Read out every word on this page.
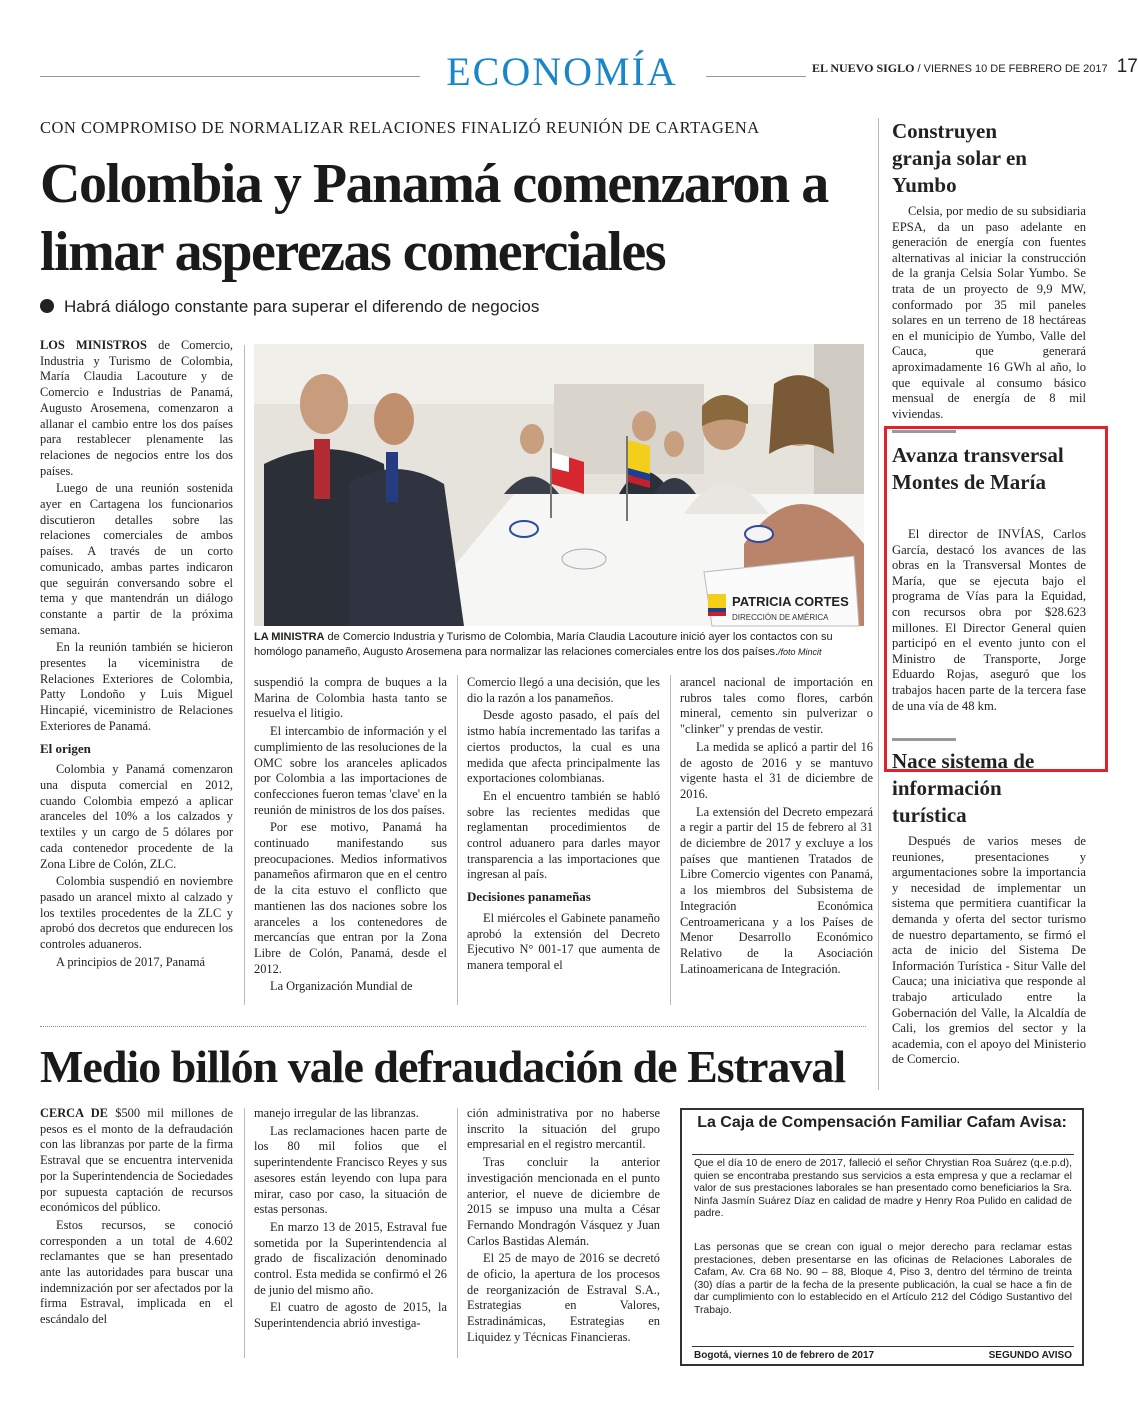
ECONOMÍA	EL NUEVO SIGLO / VIERNES 10 DE FEBRERO DE 2017 17
CON COMPROMISO DE NORMALIZAR RELACIONES FINALIZÓ REUNIÓN DE CARTAGENA
Colombia y Panamá comenzaron a limar asperezas comerciales
Habrá diálogo constante para superar el diferendo de negocios

LOS MINISTROS de Comercio, Industria y Turismo de Colombia, María Claudia Lacouture y de Comercio e Industrias de Panamá, Augusto Arosemena, comenzaron a allanar el cambio entre los dos países para restablecer plenamente las relaciones de negocios entre los dos países.

Luego de una reunión sostenida ayer en Cartagena los funcionarios discutieron detalles sobre las relaciones comerciales de ambos países. A través de un corto comunicado, ambas partes indicaron que seguirán conversando sobre el tema y que mantendrán un diálogo constante a partir de la próxima semana.

En la reunión también se hicieron presentes la viceministra de Relaciones Exteriores de Colombia, Patty Londoño y Luis Miguel Hincapié, viceministro de Relaciones Exteriores de Panamá.

El origen

Colombia y Panamá comenzaron una disputa comercial en 2012, cuando Colombia empezó a aplicar aranceles del 10% a los calzados y textiles y un cargo de 5 dólares por cada contenedor procedente de la Zona Libre de Colón, ZLC.

Colombia suspendió en noviembre pasado un arancel mixto al calzado y los textiles procedentes de la ZLC y aprobó dos decretos que endurecen los controles aduaneros.

A principios de 2017, Panamá

PATRICIA CORTES
DIRECCIÓN DE AMÉRICA
LA MINISTRA de Comercio Industria y Turismo de Colombia, María Claudia Lacouture inició ayer los contactos con su homólogo panameño, Augusto Arosemena para normalizar las relaciones comerciales entre los dos países./foto Mincit

suspendió la compra de buques a la Marina de Colombia hasta tanto se resuelva el litigio.

El intercambio de información y el cumplimiento de las resoluciones de la OMC sobre los aranceles aplicados por Colombia a las importaciones de confecciones fueron temas 'clave' en la reunión de ministros de los dos países.

Por ese motivo, Panamá ha continuado manifestando sus preocupaciones. Medios informativos panameños afirmaron que en el centro de la cita estuvo el conflicto que mantienen las dos naciones sobre los aranceles a los contenedores de mercancías que entran por la Zona Libre de Colón, Panamá, desde el 2012.

La Organización Mundial de

Comercio llegó a una decisión, que les dio la razón a los panameños.

Desde agosto pasado, el país del istmo había incrementado las tarifas a ciertos productos, la cual es una medida que afecta principalmente las exportaciones colombianas.

En el encuentro también se habló sobre las recientes medidas que reglamentan procedimientos de control aduanero para darles mayor transparencia a las importaciones que ingresan al país.

Decisiones panameñas

El miércoles el Gabinete panameño aprobó la extensión del Decreto Ejecutivo N° 001-17 que aumenta de manera temporal el

arancel nacional de importación en rubros tales como flores, carbón mineral, cemento sin pulverizar o "clinker" y prendas de vestir.

La medida se aplicó a partir del 16 de agosto de 2016 y se mantuvo vigente hasta el 31 de diciembre de 2016.

La extensión del Decreto empezará a regir a partir del 15 de febrero al 31 de diciembre de 2017 y excluye a los países que mantienen Tratados de Libre Comercio vigentes con Panamá, a los miembros del Subsistema de Integración Económica Centroamericana y a los Países de Menor Desarrollo Económico Relativo de la Asociación Latinoamericana de Integración.

Medio billón vale defraudación de Estraval

CERCA DE $500 mil millones de pesos es el monto de la defraudación con las libranzas por parte de la firma Estraval que se encuentra intervenida por la Superintendencia de Sociedades por supuesta captación de recursos económicos del público.

Estos recursos, se conoció corresponden a un total de 4.602 reclamantes que se han presentado ante las autoridades para buscar una indemnización por ser afectados por la firma Estraval, implicada en el escándalo del

manejo irregular de las libranzas.

Las reclamaciones hacen parte de los 80 mil folios que el superintendente Francisco Reyes y sus asesores están leyendo con lupa para mirar, caso por caso, la situación de estas personas.

En marzo 13 de 2015, Estraval fue sometida por la Superintendencia al grado de fiscalización denominado control. Esta medida se confirmó el 26 de junio del mismo año.

El cuatro de agosto de 2015, la Superintendencia abrió investiga-

ción administrativa por no haberse inscrito la situación del grupo empresarial en el registro mercantil.

Tras concluir la anterior investigación mencionada en el punto anterior, el nueve de diciembre de 2015 se impuso una multa a César Fernando Mondragón Vásquez y Juan Carlos Bastidas Alemán.

El 25 de mayo de 2016 se decretó de oficio, la apertura de los procesos de reorganización de Estraval S.A., Estrategias en Valores, Estradinámicas, Estrategias en Liquidez y Técnicas Financieras.

Construyen granja solar en Yumbo

Celsia, por medio de su subsidiaria EPSA, da un paso adelante en generación de energía con fuentes alternativas al iniciar la construcción de la granja Celsia Solar Yumbo. Se trata de un proyecto de 9,9 MW, conformado por 35 mil paneles solares en un terreno de 18 hectáreas en el municipio de Yumbo, Valle del Cauca, que generará aproximadamente 16 GWh al año, lo que equivale al consumo básico mensual de energía de 8 mil viviendas.

Avanza transversal Montes de María

El director de INVÍAS, Carlos García, destacó los avances de las obras en la Transversal Montes de María, que se ejecuta bajo el programa de Vías para la Equidad, con recursos obra por $28.623 millones. El Director General quien participó en el evento junto con el Ministro de Transporte, Jorge Eduardo Rojas, aseguró que los trabajos hacen parte de la tercera fase de una vía de 48 km.

Nace sistema de información turística

Después de varios meses de reuniones, presentaciones y argumentaciones sobre la importancia y necesidad de implementar un sistema que permitiera cuantificar la demanda y oferta del sector turismo de nuestro departamento, se firmó el acta de inicio del Sistema De Información Turística - Situr Valle del Cauca; una iniciativa que responde al trabajo articulado entre la Gobernación del Valle, la Alcaldía de Cali, los gremios del sector y la academia, con el apoyo del Ministerio de Comercio.

La Caja de Compensación Familiar Cafam Avisa:
Que el día 10 de enero de 2017, falleció el señor Chrystian Roa Suárez (q.e.p.d), quien se encontraba prestando sus servicios a esta empresa y que a reclamar el valor de sus prestaciones laborales se han presentado como beneficiarios la Sra. Ninfa Jasmín Suárez Díaz en calidad de madre y Henry Roa Pulido en calidad de padre.
Las personas que se crean con igual o mejor derecho para reclamar estas prestaciones, deben presentarse en las oficinas de Relaciones Laborales de Cafam, Av. Cra 68 No. 90 – 88, Bloque 4, Piso 3, dentro del término de treinta (30) días a partir de la fecha de la presente publicación, la cual se hace a fin de dar cumplimiento con lo establecido en el Artículo 212 del Código Sustantivo del Trabajo.
Bogotá, viernes 10 de febrero de 2017	SEGUNDO AVISO
